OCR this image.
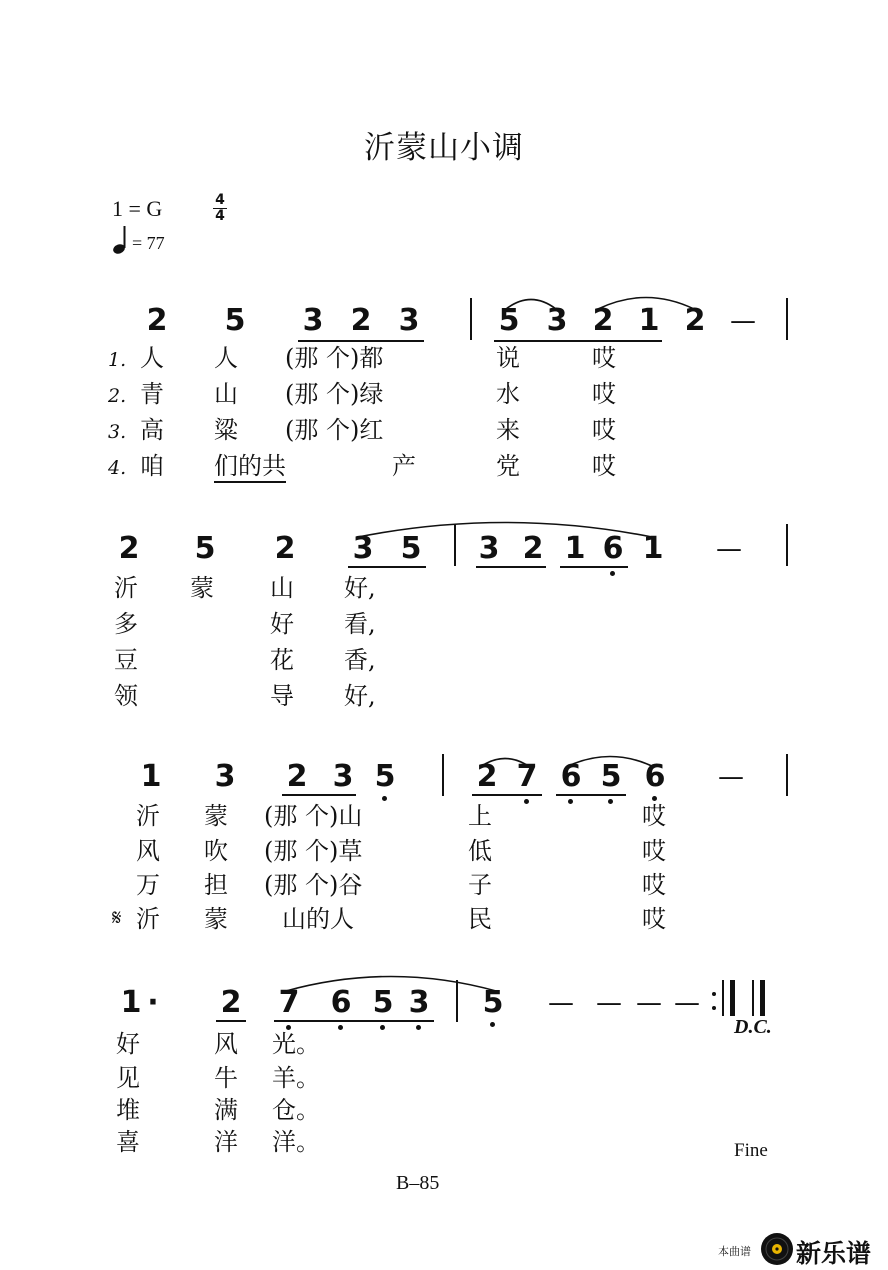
沂蒙山小调
1 = G	4
4
= 77
2 5 3 2 3	5 3 2 1 2 —
1. 人 人 (那 个)都	说	哎
2. 青 山 (那 个)绿	水	哎
3. 高 粱 (那 个)红	来	哎
4. 咱 们的共	产	党	哎
2 5 2 3 5 3 2 1 6 1 —
沂 蒙 山 好,
多	好 看,
豆	花 香,
领	导 好,
1 3 2 3 5	2 7 6 5 6 —
沂 蒙 (那 个)山	上	哎
风 吹 (那 个)草	低	哎
万 担 (那 个)谷	子	哎
𝄋 沂 蒙 山的人	民	哎
1 · 2 7 6 5 3 5 — — — —
D.C.
好	风 光。
见	牛 羊。
堆	满 仓。
喜	洋 洋。	Fine
B–85
本曲谱 新乐谱
